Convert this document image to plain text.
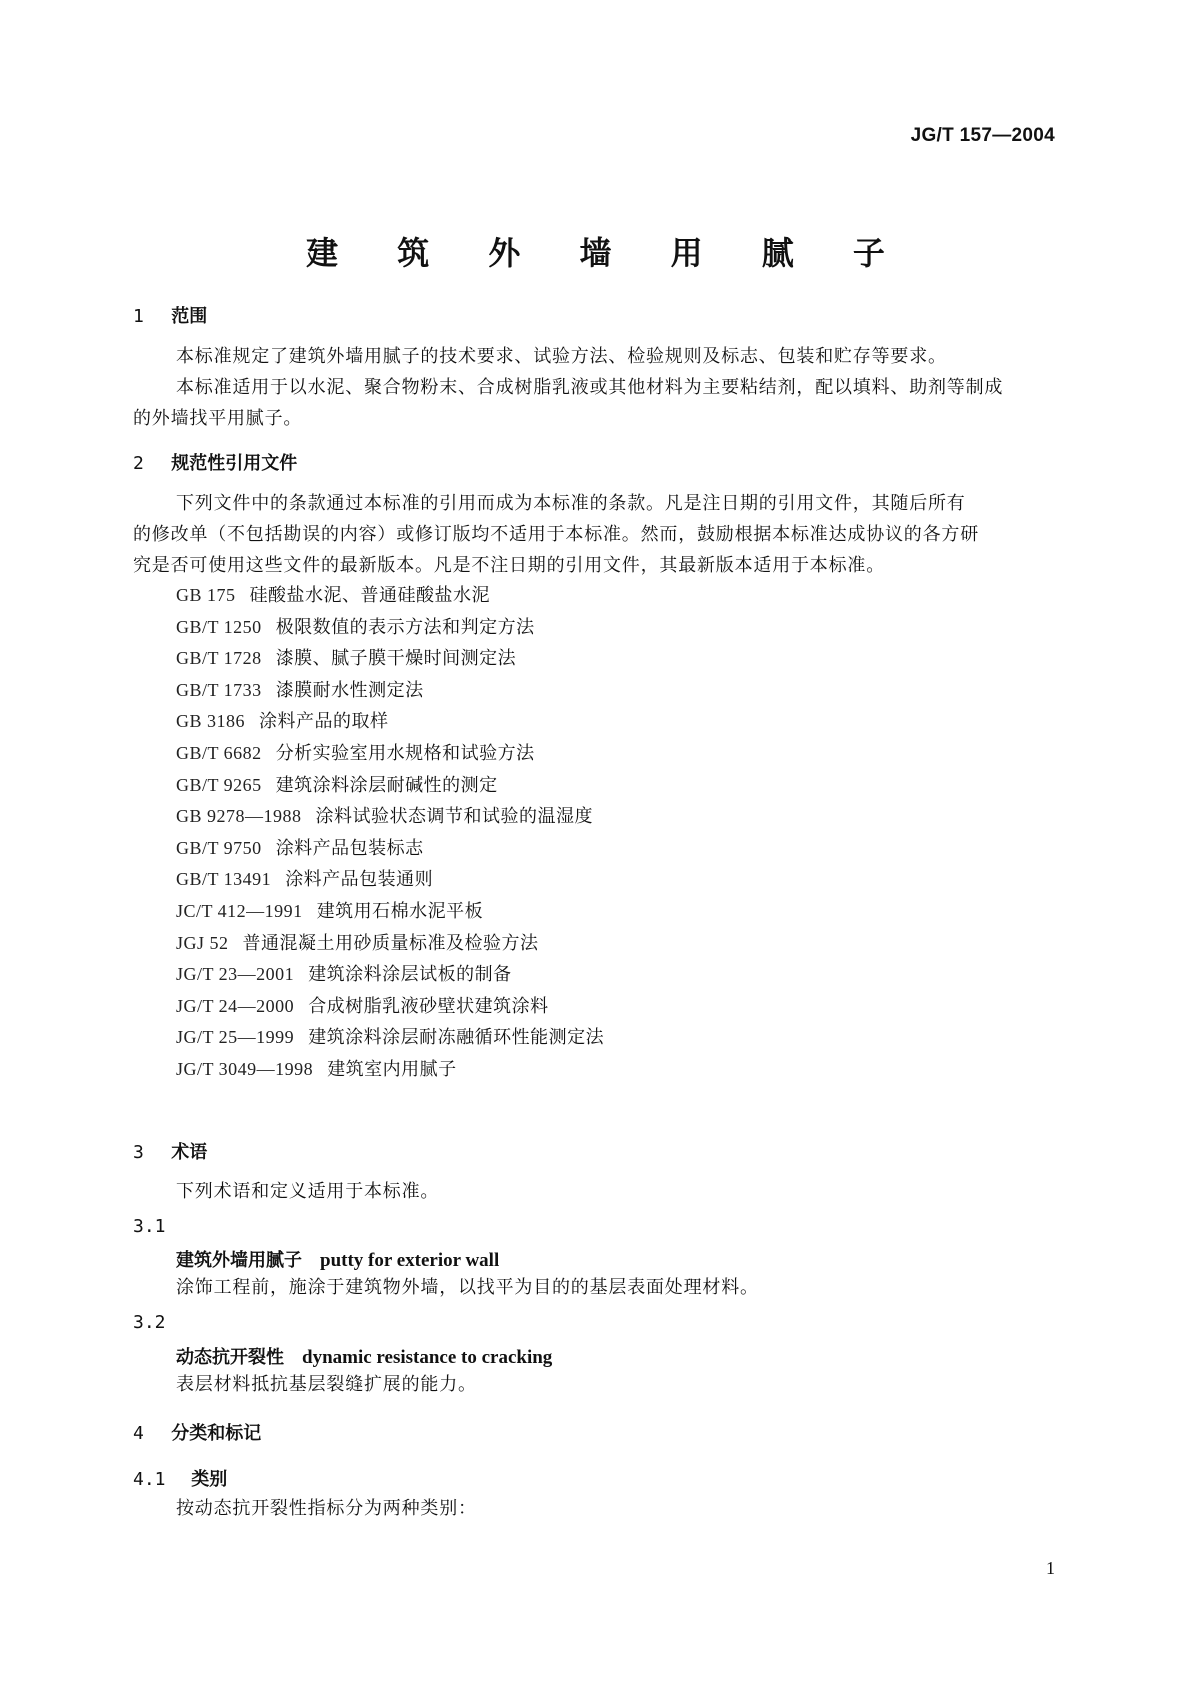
JG/T 157—2004
建 筑 外 墙 用 腻 子
1 范围
本标准规定了建筑外墙用腻子的技术要求、试验方法、检验规则及标志、包装和贮存等要求。
本标准适用于以水泥、聚合物粉末、合成树脂乳液或其他材料为主要粘结剂，配以填料、助剂等制成
的外墙找平用腻子。
2 规范性引用文件
下列文件中的条款通过本标准的引用而成为本标准的条款。凡是注日期的引用文件，其随后所有
的修改单（不包括勘误的内容）或修订版均不适用于本标准。然而，鼓励根据本标准达成协议的各方研
究是否可使用这些文件的最新版本。凡是不注日期的引用文件，其最新版本适用于本标准。
GB 175 硅酸盐水泥、普通硅酸盐水泥
GB/T 1250 极限数值的表示方法和判定方法
GB/T 1728 漆膜、腻子膜干燥时间测定法
GB/T 1733 漆膜耐水性测定法
GB 3186 涂料产品的取样
GB/T 6682 分析实验室用水规格和试验方法
GB/T 9265 建筑涂料涂层耐碱性的测定
GB 9278—1988 涂料试验状态调节和试验的温湿度
GB/T 9750 涂料产品包装标志
GB/T 13491 涂料产品包装通则
JC/T 412—1991 建筑用石棉水泥平板
JGJ 52 普通混凝土用砂质量标准及检验方法
JG/T 23—2001 建筑涂料涂层试板的制备
JG/T 24—2000 合成树脂乳液砂壁状建筑涂料
JG/T 25—1999 建筑涂料涂层耐冻融循环性能测定法
JG/T 3049—1998 建筑室内用腻子
3 术语
下列术语和定义适用于本标准。
3.1
建筑外墙用腻子 putty for exterior wall
涂饰工程前，施涂于建筑物外墙，以找平为目的的基层表面处理材料。
3.2
动态抗开裂性 dynamic resistance to cracking
表层材料抵抗基层裂缝扩展的能力。
4 分类和标记
4.1 类别
按动态抗开裂性指标分为两种类别：
1
